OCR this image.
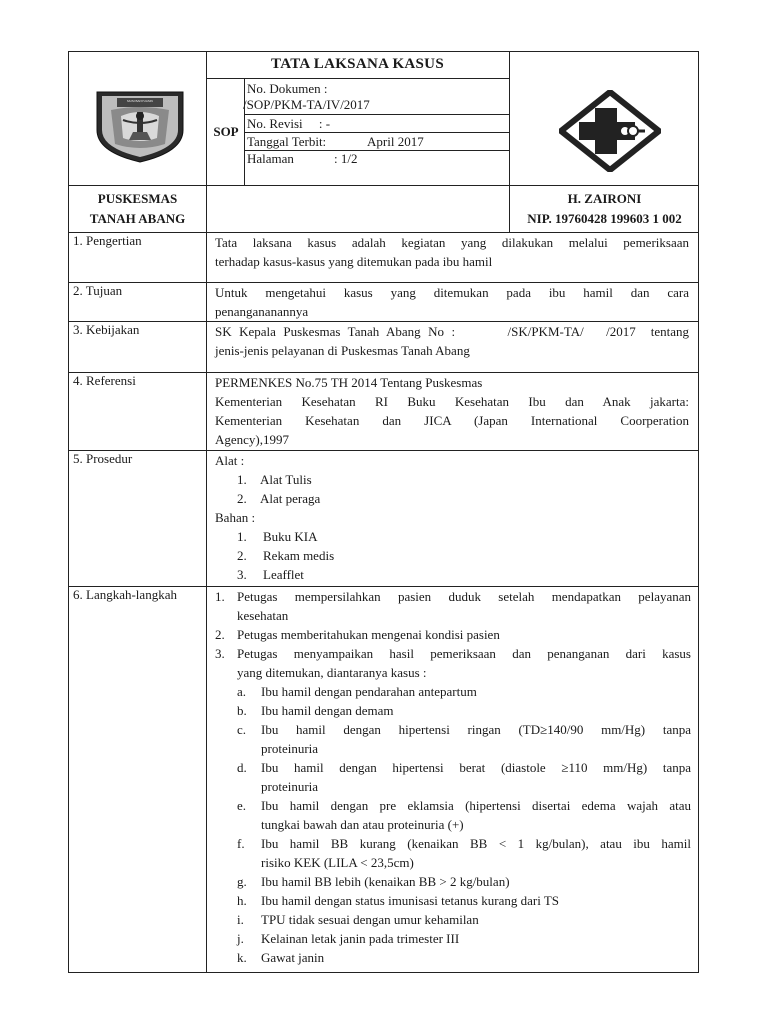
MUSI BANYUASIN
TATA LAKSANA KASUS
SOP
No. Dokumen :
/SOP/PKM-TA/IV/2017
No. Revisi     : -
Tanggal Terbit:	April 2017
Halaman	: 1/2
PUSKESMAS
TANAH ABANG
H. ZAIRONI
NIP. 19760428 199603 1 002
1. Pengertian	Tata laksana kasus adalah kegiatan yang dilakukan melalui pemeriksaan
terhadap kasus-kasus yang ditemukan pada ibu hamil
2. Tujuan	Untuk mengetahui kasus yang ditemukan pada ibu hamil dan cara
penangananannya
3. Kebijakan	SK Kepala Puskesmas Tanah Abang No :       /SK/PKM-TA/   /2017  tentang
jenis-jenis pelayanan di Puskesmas Tanah Abang
4. Referensi	PERMENKES No.75 TH 2014 Tentang Puskesmas
Kementerian Kesehatan RI Buku Kesehatan Ibu dan Anak jakarta:
Kementerian Kesehatan dan JICA (Japan International Coorperation
Agency),1997
5. Prosedur	Alat :
1. Alat Tulis
2. Alat peraga
Bahan :
1. Buku KIA
2. Rekam medis
3. Leafflet
6. Langkah-langkah	1. Petugas mempersilahkan pasien duduk setelah mendapatkan pelayanan
kesehatan
2. Petugas memberitahukan mengenai kondisi pasien
3. Petugas menyampaikan hasil pemeriksaan dan penanganan dari kasus
yang ditemukan, diantaranya kasus :
a. Ibu hamil dengan pendarahan antepartum
b. Ibu hamil dengan demam
c. Ibu hamil dengan hipertensi ringan (TD≥140/90 mm/Hg) tanpa
proteinuria
d. Ibu hamil dengan hipertensi berat (diastole ≥110 mm/Hg) tanpa
proteinuria
e. Ibu hamil dengan pre eklamsia (hipertensi disertai edema wajah atau
tungkai bawah dan atau proteinuria (+)
f. Ibu hamil BB kurang (kenaikan BB < 1 kg/bulan), atau ibu hamil
risiko KEK (LILA < 23,5cm)
g. Ibu hamil BB lebih (kenaikan BB > 2 kg/bulan)
h. Ibu hamil dengan status imunisasi tetanus kurang dari TS
i. TPU tidak sesuai dengan umur kehamilan
j. Kelainan letak janin pada trimester III
k. Gawat janin
